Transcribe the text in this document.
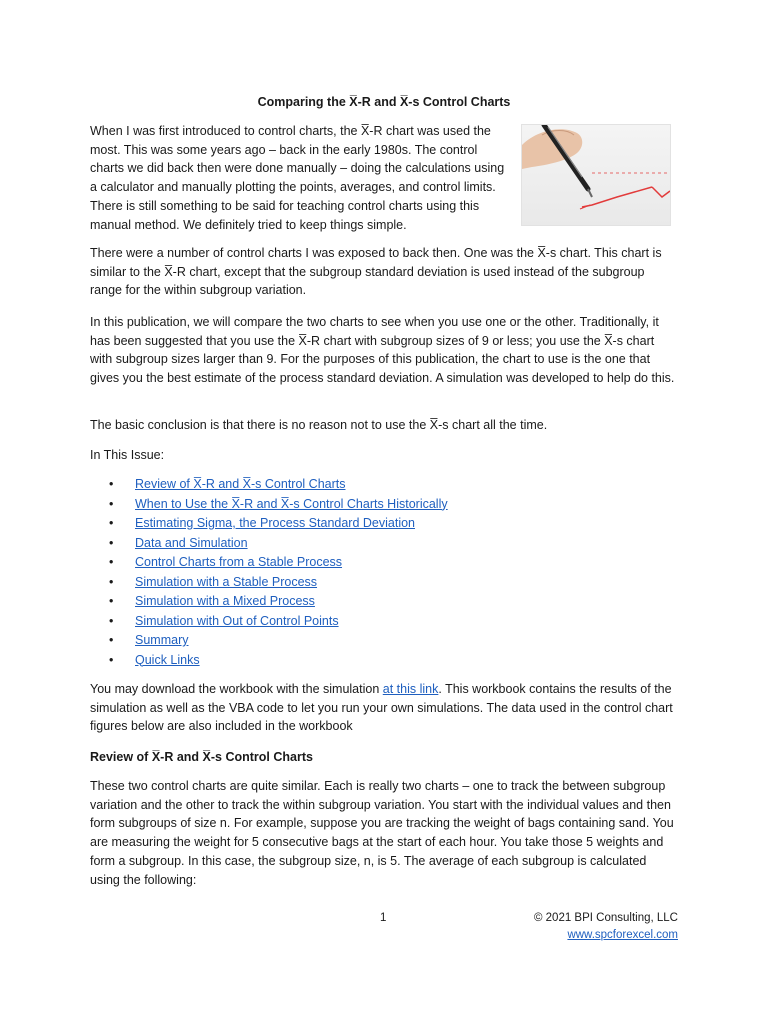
Comparing the X̅-R and X̅-s Control Charts

When I was first introduced to control charts, the X̅-R chart was used the most. This was some years ago – back in the early 1980s. The control charts we did back then were done manually – doing the calculations using a calculator and manually plotting the points, averages, and control limits. There is still something to be said for teaching control charts using this manual method. We definitely tried to keep things simple.

There were a number of control charts I was exposed to back then. One was the X̅-s chart. This chart is similar to the X̅-R chart, except that the subgroup standard deviation is used instead of the subgroup range for the within subgroup variation.

In this publication, we will compare the two charts to see when you use one or the other. Traditionally, it has been suggested that you use the X̅-R chart with subgroup sizes of 9 or less; you use the X̅-s chart with subgroup sizes larger than 9. For the purposes of this publication, the chart to use is the one that gives you the best estimate of the process standard deviation. A simulation was developed to help do this.

The basic conclusion is that there is no reason not to use the X̅-s chart all the time.

In This Issue:

• Review of X̅-R and X̅-s Control Charts
• When to Use the X̅-R and X̅-s Control Charts Historically
• Estimating Sigma, the Process Standard Deviation
• Data and Simulation
• Control Charts from a Stable Process
• Simulation with a Stable Process
• Simulation with a Mixed Process
• Simulation with Out of Control Points
• Summary
• Quick Links

You may download the workbook with the simulation at this link. This workbook contains the results of the simulation as well as the VBA code to let you run your own simulations. The data used in the control chart figures below are also included in the workbook

Review of X̅-R and X̅-s Control Charts

These two control charts are quite similar. Each is really two charts – one to track the between subgroup variation and the other to track the within subgroup variation. You start with the individual values and then form subgroups of size n. For example, suppose you are tracking the weight of bags containing sand. You are measuring the weight for 5 consecutive bags at the start of each hour. You take those 5 weights and form a subgroup. In this case, the subgroup size, n, is 5. The average of each subgroup is calculated using the following:

1	© 2021 BPI Consulting, LLC
www.spcforexcel.com
